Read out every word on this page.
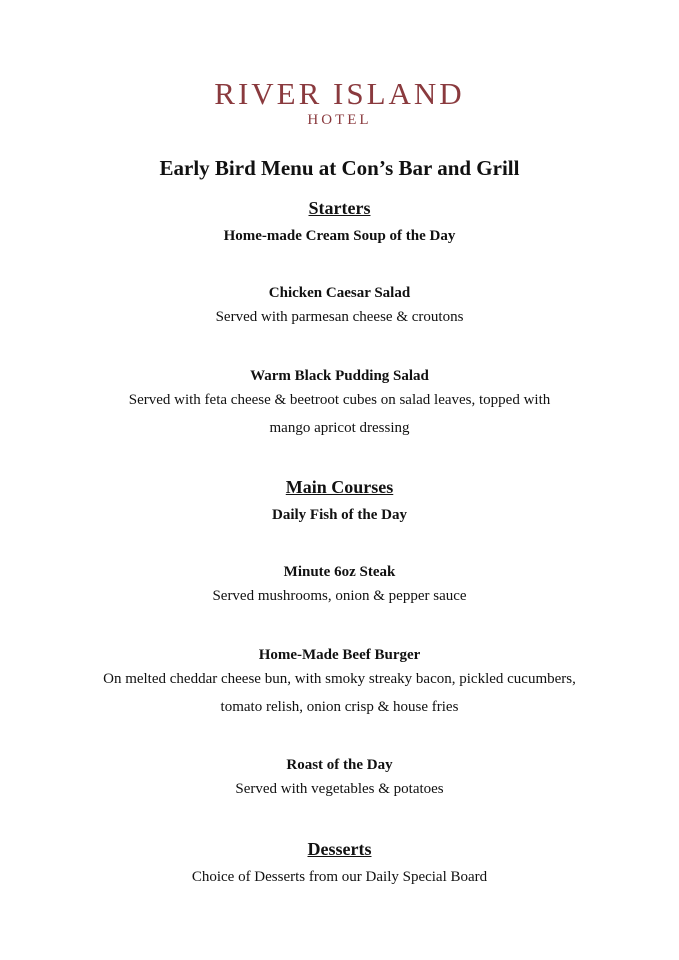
RIVER ISLAND
HOTEL
Early Bird Menu at Con’s Bar and Grill
Starters
Home-made Cream Soup of the Day
Chicken Caesar Salad
Served with parmesan cheese & croutons
Warm Black Pudding Salad
Served with feta cheese & beetroot cubes on salad leaves, topped with
mango apricot dressing
Main Courses
Daily Fish of the Day
Minute 6oz Steak
Served mushrooms, onion & pepper sauce
Home-Made Beef Burger
On melted cheddar cheese bun, with smoky streaky bacon, pickled cucumbers,
tomato relish, onion crisp & house fries
Roast of the Day
Served with vegetables & potatoes
Desserts
Choice of Desserts from our Daily Special Board
